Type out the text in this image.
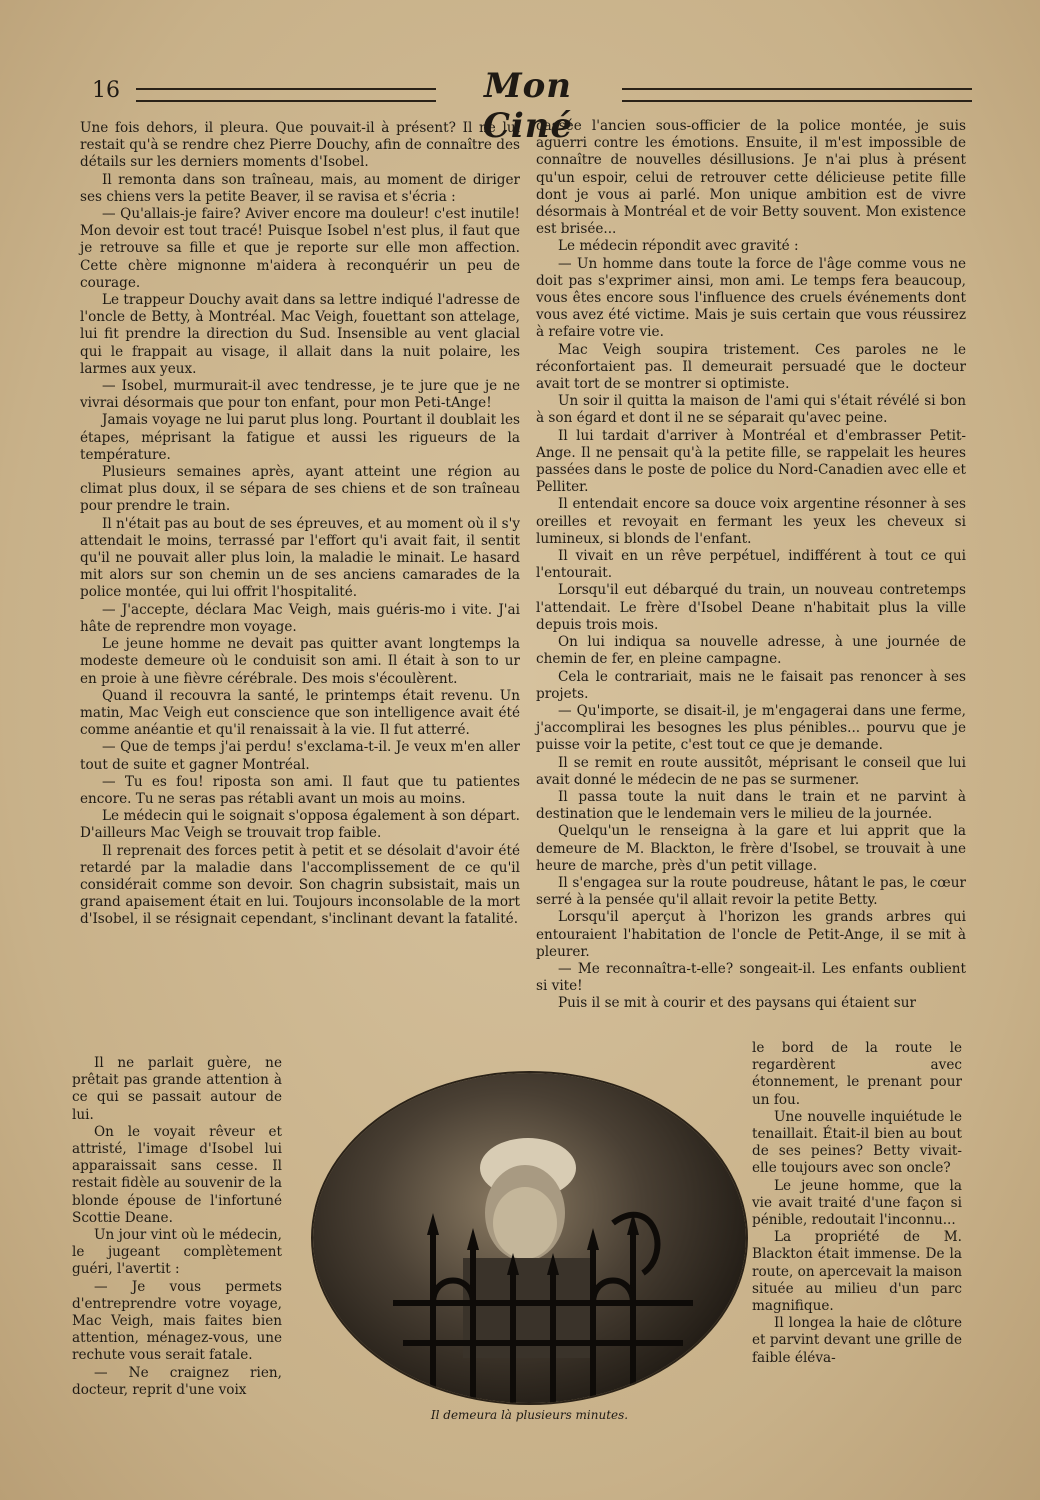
16	Mon Ciné

Une fois dehors, il pleura. Que pouvait-il à présent? Il ne lui restait qu'à se rendre chez Pierre Douchy, afin de connaître des détails sur les derniers moments d'Isobel.

Il remonta dans son traîneau, mais, au moment de diriger ses chiens vers la petite Beaver, il se ravisa et s'écria :

— Qu'allais-je faire? Aviver encore ma douleur! c'est inutile! Mon devoir est tout tracé! Puisque Isobel n'est plus, il faut que je retrouve sa fille et que je reporte sur elle mon affection. Cette chère mignonne m'aidera à reconquérir un peu de courage.

Le trappeur Douchy avait dans sa lettre indiqué l'adresse de l'oncle de Betty, à Montréal. Mac Veigh, fouettant son attelage, lui fit prendre la direction du Sud. Insensible au vent glacial qui le frappait au visage, il allait dans la nuit polaire, les larmes aux yeux.

— Isobel, murmurait-il avec tendresse, je te jure que je ne vivrai désormais que pour ton enfant, pour mon Peti-tAnge!

Jamais voyage ne lui parut plus long. Pourtant il doublait les étapes, méprisant la fatigue et aussi les rigueurs de la température.

Plusieurs semaines après, ayant atteint une région au climat plus doux, il se sépara de ses chiens et de son traîneau pour prendre le train.

Il n'était pas au bout de ses épreuves, et au moment où il s'y attendait le moins, terrassé par l'effort qu'i avait fait, il sentit qu'il ne pouvait aller plus loin, la maladie le minait. Le hasard mit alors sur son chemin un de ses anciens camarades de la police montée, qui lui offrit l'hospitalité.

— J'accepte, déclara Mac Veigh, mais guéris-mo i vite. J'ai hâte de reprendre mon voyage.

Le jeune homme ne devait pas quitter avant longtemps la modeste demeure où le conduisit son ami. Il était à son to ur en proie à une fièvre cérébrale. Des mois s'écoulèrent.

Quand il recouvra la santé, le printemps était revenu. Un matin, Mac Veigh eut conscience que son intelligence avait été comme anéantie et qu'il renaissait à la vie. Il fut atterré.

— Que de temps j'ai perdu! s'exclama-t-il. Je veux m'en aller tout de suite et gagner Montréal.

— Tu es fou! riposta son ami. Il faut que tu patientes encore. Tu ne seras pas rétabli avant un mois au moins.

Le médecin qui le soignait s'opposa également à son départ. D'ailleurs Mac Veigh se trouvait trop faible.

Il reprenait des forces petit à petit et se désolait d'avoir été retardé par la maladie dans l'accomplissement de ce qu'il considérait comme son devoir. Son chagrin subsistait, mais un grand apaisement était en lui. Toujours inconsolable de la mort d'Isobel, il se résignait cependant, s'inclinant devant la fatalité.

cassée l'ancien sous-officier de la police montée, je suis aguerri contre les émotions. Ensuite, il m'est impossible de connaître de nouvelles désillusions. Je n'ai plus à présent qu'un espoir, celui de retrouver cette délicieuse petite fille dont je vous ai parlé. Mon unique ambition est de vivre désormais à Montréal et de voir Betty souvent. Mon existence est brisée...

Le médecin répondit avec gravité :

— Un homme dans toute la force de l'âge comme vous ne doit pas s'exprimer ainsi, mon ami. Le temps fera beaucoup, vous êtes encore sous l'influence des cruels événements dont vous avez été victime. Mais je suis certain que vous réussirez à refaire votre vie.

Mac Veigh soupira tristement. Ces paroles ne le réconfortaient pas. Il demeurait persuadé que le docteur avait tort de se montrer si optimiste.

Un soir il quitta la maison de l'ami qui s'était révélé si bon à son égard et dont il ne se séparait qu'avec peine.

Il lui tardait d'arriver à Montréal et d'embrasser Petit-Ange. Il ne pensait qu'à la petite fille, se rappelait les heures passées dans le poste de police du Nord-Canadien avec elle et Pelliter.

Il entendait encore sa douce voix argentine résonner à ses oreilles et revoyait en fermant les yeux les cheveux si lumineux, si blonds de l'enfant.

Il vivait en un rêve perpétuel, indifférent à tout ce qui l'entourait.

Lorsqu'il eut débarqué du train, un nouveau contretemps l'attendait. Le frère d'Isobel Deane n'habitait plus la ville depuis trois mois.

On lui indiqua sa nouvelle adresse, à une journée de chemin de fer, en pleine campagne.

Cela le contrariait, mais ne le faisait pas renoncer à ses projets.

— Qu'importe, se disait-il, je m'engagerai dans une ferme, j'accomplirai les besognes les plus pénibles... pourvu que je puisse voir la petite, c'est tout ce que je demande.

Il se remit en route aussitôt, méprisant le conseil que lui avait donné le médecin de ne pas se surmener.

Il passa toute la nuit dans le train et ne parvint à destination que le lendemain vers le milieu de la journée.

Quelqu'un le renseigna à la gare et lui apprit que la demeure de M. Blackton, le frère d'Isobel, se trouvait à une heure de marche, près d'un petit village.

Il s'engagea sur la route poudreuse, hâtant le pas, le cœur serré à la pensée qu'il allait revoir la petite Betty.

Lorsqu'il aperçut à l'horizon les grands arbres qui entouraient l'habitation de l'oncle de Petit-Ange, il se mit à pleurer.

— Me reconnaîtra-t-elle? songeait-il. Les enfants oublient si vite!

Puis il se mit à courir et des paysans qui étaient sur

Il ne parlait guère, ne prêtait pas grande attention à ce qui se passait autour de lui.

On le voyait rêveur et attristé, l'image d'Isobel lui apparaissait sans cesse. Il restait fidèle au souvenir de la blonde épouse de l'infortuné Scottie Deane.

Un jour vint où le médecin, le jugeant complètement guéri, l'avertit :

— Je vous permets d'entreprendre votre voyage, Mac Veigh, mais faites bien attention, ménagez-vous, une rechute vous serait fatale.

— Ne craignez rien, docteur, reprit d'une voix

le bord de la route le regardèrent avec étonnement, le prenant pour un fou.

Une nouvelle inquiétude le tenaillait. Était-il bien au bout de ses peines? Betty vivait-elle toujours avec son oncle?

Le jeune homme, que la vie avait traité d'une façon si pénible, redoutait l'inconnu...

La propriété de M. Blackton était immense. De la route, on apercevait la maison située au milieu d'un parc magnifique.

Il longea la haie de clôture et parvint devant une grille de faible éléva-

Il demeura là plusieurs minutes.
